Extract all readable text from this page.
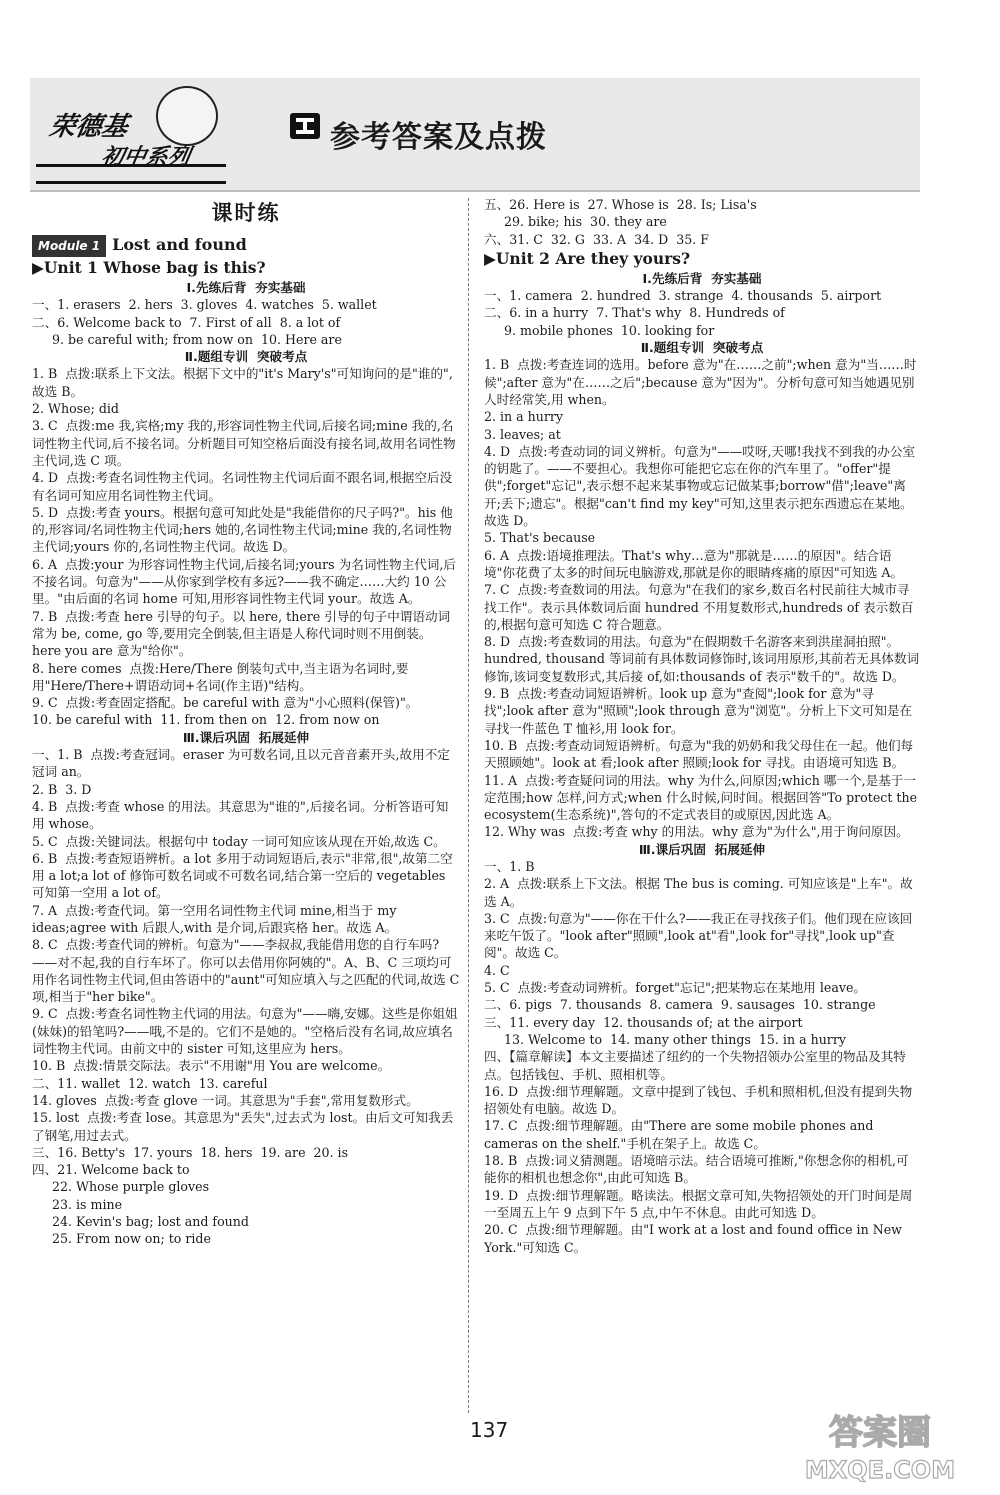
荣德基
初中系列
参考答案及点拨
课时练
Module 1 Lost and found
▶Unit 1 Whose bag is this?
Ⅰ.先练后背  夯实基础
一、1. erasers  2. hers  3. gloves  4. watches  5. wallet
二、6. Welcome back to  7. First of all  8. a lot of
9. be careful with; from now on  10. Here are
Ⅱ.题组专训  突破考点
1. B  点拨:联系上下文法。根据下文中的"it's Mary's"可知询问的是"谁的",故选 B。
2. Whose; did
3. C  点拨:me 我,宾格;my 我的,形容词性物主代词,后接名词;mine 我的,名词性物主代词,后不接名词。分析题目可知空格后面没有接名词,故用名词性物主代词,选 C 项。
4. D  点拨:考查名词性物主代词。名词性物主代词后面不跟名词,根据空后没有名词可知应用名词性物主代词。
5. D  点拨:考查 yours。根据句意可知此处是"我能借你的尺子吗?"。his 他的,形容词/名词性物主代词;hers 她的,名词性物主代词;mine 我的,名词性物主代词;yours 你的,名词性物主代词。故选 D。
6. A  点拨:your 为形容词性物主代词,后接名词;yours 为名词性物主代词,后不接名词。句意为"——从你家到学校有多远?——我不确定……大约 10 公里。"由后面的名词 home 可知,用形容词性物主代词 your。故选 A。
7. B  点拨:考查 here 引导的句子。以 here, there 引导的句子中谓语动词常为 be, come, go 等,要用完全倒装,但主语是人称代词时则不用倒装。here you are 意为"给你"。
8. here comes  点拨:Here/There 倒装句式中,当主语为名词时,要用"Here/There+谓语动词+名词(作主语)"结构。
9. C  点拨:考查固定搭配。be careful with 意为"小心照料(保管)"。
10. be careful with  11. from then on  12. from now on
Ⅲ.课后巩固  拓展延伸
一、1. B  点拨:考查冠词。eraser 为可数名词,且以元音音素开头,故用不定冠词 an。
2. B  3. D
4. B  点拨:考查 whose 的用法。其意思为"谁的",后接名词。分析答语可知用 whose。
5. C  点拨:关键词法。根据句中 today 一词可知应该从现在开始,故选 C。
6. B  点拨:考查短语辨析。a lot 多用于动词短语后,表示"非常,很",故第二空用 a lot;a lot of 修饰可数名词或不可数名词,结合第一空后的 vegetables 可知第一空用 a lot of。
7. A  点拨:考查代词。第一空用名词性物主代词 mine,相当于 my ideas;agree with 后跟人,with 是介词,后跟宾格 her。故选 A。
8. C  点拨:考查代词的辨析。句意为"——李叔叔,我能借用您的自行车吗?——对不起,我的自行车坏了。你可以去借用你阿姨的"。A、B、C 三项均可用作名词性物主代词,但由答语中的"aunt"可知应填入与之匹配的代词,故选 C 项,相当于"her bike"。
9. C  点拨:考查名词性物主代词的用法。句意为"——嗨,安娜。这些是你姐姐(妹妹)的铅笔吗?——哦,不是的。它们不是她的。"空格后没有名词,故应填名词性物主代词。由前文中的 sister 可知,这里应为 hers。
10. B  点拨:情景交际法。表示"不用谢"用 You are welcome。
二、11. wallet  12. watch  13. careful
14. gloves  点拨:考查 glove 一词。其意思为"手套",常用复数形式。
15. lost  点拨:考查 lose。其意思为"丢失",过去式为 lost。由后文可知我丢了钢笔,用过去式。
三、16. Betty's  17. yours  18. hers  19. are  20. is
四、21. Welcome back to
22. Whose purple gloves
23. is mine
24. Kevin's bag; lost and found
25. From now on; to ride
五、26. Here is  27. Whose is  28. Is; Lisa's
29. bike; his  30. they are
六、31. C  32. G  33. A  34. D  35. F
▶Unit 2 Are they yours?
Ⅰ.先练后背  夯实基础
一、1. camera  2. hundred  3. strange  4. thousands  5. airport
二、6. in a hurry  7. That's why  8. Hundreds of
9. mobile phones  10. looking for
Ⅱ.题组专训  突破考点
1. B  点拨:考查连词的选用。before 意为"在……之前";when 意为"当……时候";after 意为"在……之后";because 意为"因为"。分析句意可知当她遇见别人时经常笑,用 when。
2. in a hurry
3. leaves; at
4. D  点拨:考查动词的词义辨析。句意为"——哎呀,天哪!我找不到我的办公室的钥匙了。——不要担心。我想你可能把它忘在你的汽车里了。"offer"提供";forget"忘记",表示想不起来某事物或忘记做某事;borrow"借";leave"离开;丢下;遗忘"。根据"can't find my key"可知,这里表示把东西遗忘在某地。故选 D。
5. That's because
6. A  点拨:语境推理法。That's why…意为"那就是……的原因"。结合语境"你花费了太多的时间玩电脑游戏,那就是你的眼睛疼痛的原因"可知选 A。
7. C  点拨:考查数词的用法。句意为"在我们的家乡,数百名村民前往大城市寻找工作"。表示具体数词后面 hundred 不用复数形式,hundreds of 表示数百的,根据句意可知选 C 符合题意。
8. D  点拨:考查数词的用法。句意为"在假期数千名游客来到洪崖洞拍照"。hundred, thousand 等词前有具体数词修饰时,该词用原形,其前若无具体数词修饰,该词变复数形式,其后接 of,如:thousands of 表示"数千的"。故选 D。
9. B  点拨:考查动词短语辨析。look up 意为"查阅";look for 意为"寻找";look after 意为"照顾";look through 意为"浏览"。分析上下文可知是在寻找一件蓝色 T 恤衫,用 look for。
10. B  点拨:考查动词短语辨析。句意为"我的奶奶和我父母住在一起。他们每天照顾她"。look at 看;look after 照顾;look for 寻找。由语境可知选 B。
11. A  点拨:考查疑问词的用法。why 为什么,问原因;which 哪一个,是基于一定范围;how 怎样,问方式;when 什么时候,问时间。根据回答"To protect the ecosystem(生态系统)",答句的不定式表目的或原因,因此选 A。
12. Why was  点拨:考查 why 的用法。why 意为"为什么",用于询问原因。
Ⅲ.课后巩固  拓展延伸
一、1. B
2. A  点拨:联系上下文法。根据 The bus is coming. 可知应该是"上车"。故选 A。
3. C  点拨:句意为"——你在干什么?——我正在寻找孩子们。他们现在应该回来吃午饭了。"look after"照顾",look at"看",look for"寻找",look up"查阅"。故选 C。
4. C
5. C  点拨:考查动词辨析。forget"忘记";把某物忘在某地用 leave。
二、6. pigs  7. thousands  8. camera  9. sausages  10. strange
三、11. every day  12. thousands of; at the airport
13. Welcome to  14. many other things  15. in a hurry
四、【篇章解读】本文主要描述了纽约的一个失物招领办公室里的物品及其特点。包括钱包、手机、照相机等。
16. D  点拨:细节理解题。文章中提到了钱包、手机和照相机,但没有提到失物招领处有电脑。故选 D。
17. C  点拨:细节理解题。由"There are some mobile phones and cameras on the shelf."手机在架子上。故选 C。
18. B  点拨:词义猜测题。语境暗示法。结合语境可推断,"你想念你的相机,可能你的相机也想念你",由此可知选 B。
19. D  点拨:细节理解题。略读法。根据文章可知,失物招领处的开门时间是周一至周五上午 9 点到下午 5 点,中午不休息。由此可知选 D。
20. C  点拨:细节理解题。由"I work at a lost and found office in New York."可知选 C。
137	答案圈
MXQE.COM
